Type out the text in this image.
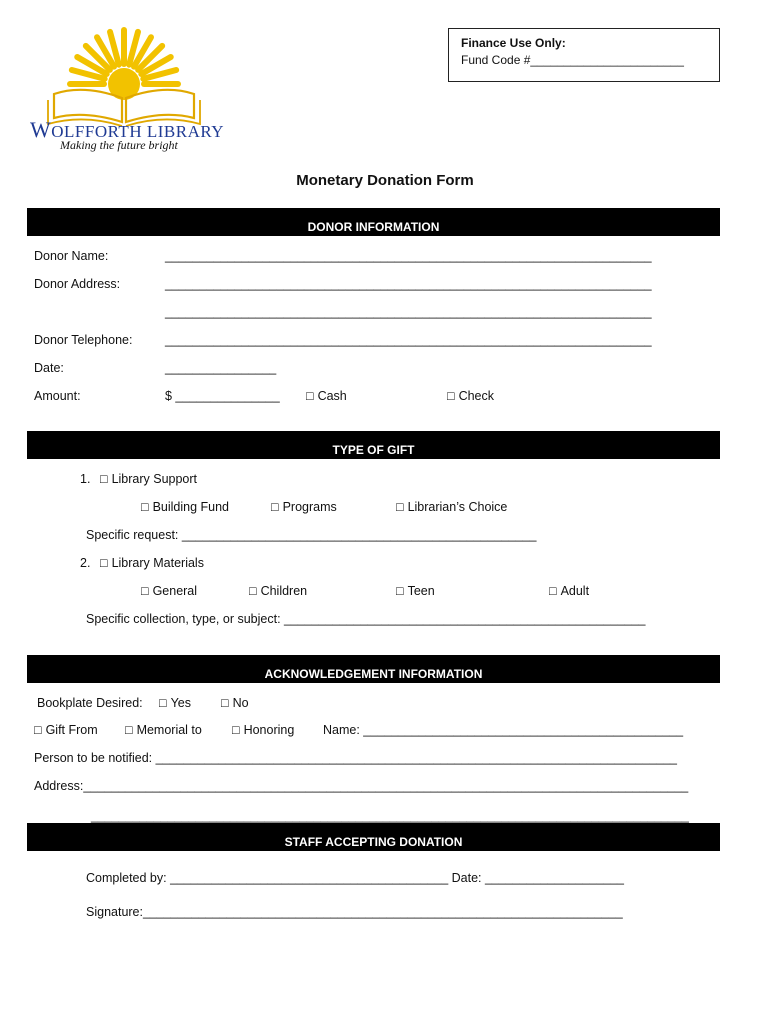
WOLFFORTH LIBRARY
Making the future bright
Finance Use Only:
Fund Code #_______________________
Monetary Donation Form
DONOR INFORMATION
Donor Name:	______________________________________________________________________
Donor Address:	______________________________________________________________________
______________________________________________________________________
Donor Telephone:	______________________________________________________________________
Date:	________________
Amount:	$ _______________	□ Cash	□ Check
TYPE OF GIFT
1.	□ Library Support
□ Building Fund	□ Programs	□ Librarian’s Choice
Specific request: ___________________________________________________
2.	□ Library Materials
□ General	□ Children	□ Teen	□ Adult
Specific collection, type, or subject: ____________________________________________________
ACKNOWLEDGEMENT INFORMATION
Bookplate Desired:	□ Yes	□ No
□ Gift From	□ Memorial to	□ Honoring Name: ______________________________________________
Person to be notified: ___________________________________________________________________________
Address:_______________________________________________________________________________________
______________________________________________________________________________________
STAFF ACCEPTING DONATION
Completed by: ________________________________________ Date: ____________________
Signature:_____________________________________________________________________
